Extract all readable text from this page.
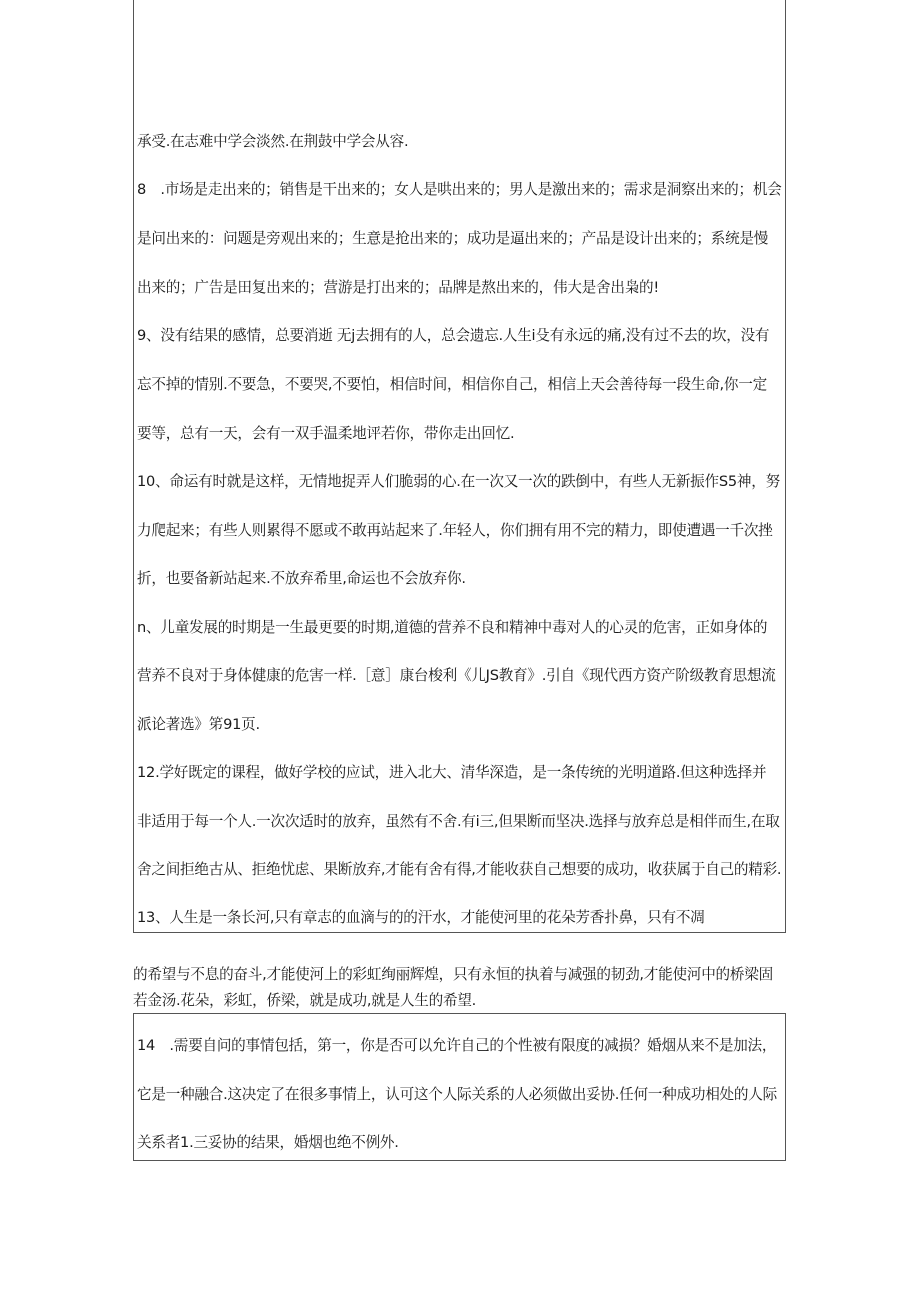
承受.在志难中学会淡然.在荆鼓中学会从容.
8　.市场是走出来的；销售是干出来的；女人是哄出来的；男人是激出来的；需求是洞察出来的；机会
是问出来的：问题是旁观出来的；生意是抢出来的；成功是逼出来的；产品是设计出来的；系统是慢
出来的；广告是田复出来的；营游是打出来的；品牌是熬出来的，伟大是舍出枭的!
9、没有结果的感情，总要消逝 无j去拥有的人，总会遗忘.人生i殳有永远的痛,没有过不去的坎，没有
忘不掉的情别.不要急，不要哭,不要怕，相信时间，相信你自己，相信上天会善待每一段生命,你一定
要等，总有一天，会有一双手温柔地评若你，带你走出回忆.
10、命运有时就是这样，无情地捉弄人们脆弱的心.在一次又一次的跌倒中，有些人无新振作S5神，努
力爬起来；有些人则累得不愿或不敢再站起来了.年轻人，你们拥有用不完的精力，即使遭遇一千次挫
折，也要备新站起来.不放弃希里,命运也不会放弃你.
n、儿童发展的时期是一生最更要的时期,道德的营养不良和精神中毒对人的心灵的危害，正如身体的
营养不良对于身体健康的危害一样.［意］康台梭利《儿JS教育》.引自《现代西方资产阶级教育思想流
派论著选》笫91页.
12.学好既定的课程，做好学校的应试，进入北大、清华深造，是一条传统的光明道路.但这种选择并
非适用于每一个人.一次次适时的放弃，虽然有不舍.有i三,但果断而坚决.选择与放弃总是相伴而生,在取
舍之间拒绝古从、拒绝忧虑、果断放弃,才能有舍有得,才能收获自己想要的成功，收获属于自己的精彩.
13、人生是一条长河,只有章志的血滴与的的汗水，才能使河里的花朵芳香扑鼻，只有不凋
的希望与不息的奋斗,才能使河上的彩虹绚丽辉煌，只有永恒的执着与减强的韧劲,才能使河中的桥梁固
若金汤.花朵，彩虹，侨梁，就是成功,就是人生的希望.
14　.需要自问的事情包括，第一，你是否可以允许自己的个性被有限度的减损？婚烟从来不是加法，
它是一种融合.这决定了在很多事情上，认可这个人际关系的人必须做出妥协.任何一种成功相处的人际
关系者1.三妥协的结果，婚烟也绝不例外.
